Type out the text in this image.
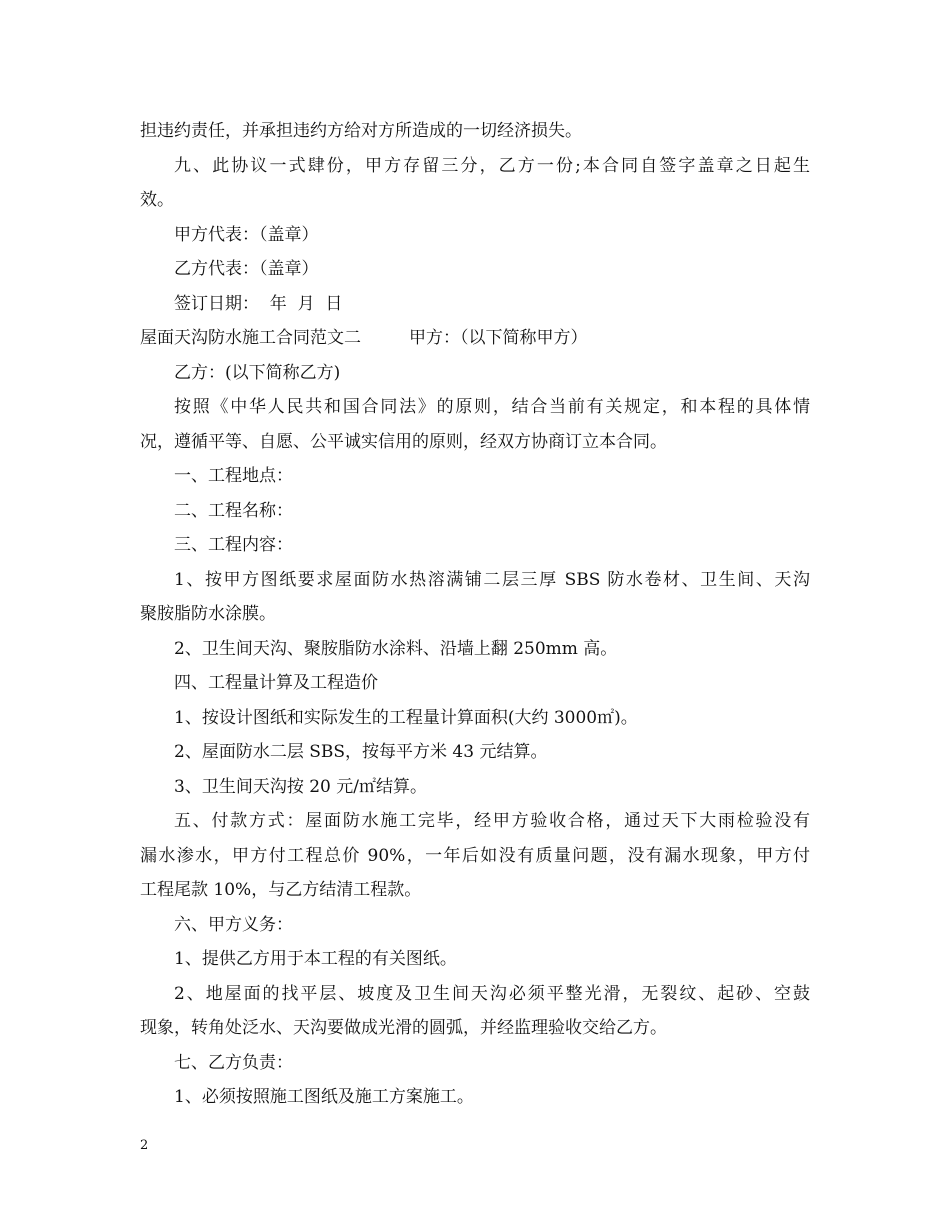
担违约责任，并承担违约方给对方所造成的一切经济损失。
九、此协议一式肆份，甲方存留三分，乙方一份;本合同自签字盖章之日起生
效。
甲方代表：（盖章）
乙方代表：（盖章）
签订日期：  年  月  日
屋面天沟防水施工合同范文二	甲方：（以下简称甲方）
乙方：(以下简称乙方)
按照《中华人民共和国合同法》的原则，结合当前有关规定，和本程的具体情
况，遵循平等、自愿、公平诚实信用的原则，经双方协商订立本合同。
一、工程地点：
二、工程名称：
三、工程内容：
1、按甲方图纸要求屋面防水热溶满铺二层三厚 SBS 防水卷材、卫生间、天沟
聚胺脂防水涂膜。
2、卫生间天沟、聚胺脂防水涂料、沿墙上翻 250mm 高。
四、工程量计算及工程造价
1、按设计图纸和实际发生的工程量计算面积(大约 3000㎡)。
2、屋面防水二层 SBS，按每平方米 43 元结算。
3、卫生间天沟按 20 元/㎡结算。
五、付款方式：屋面防水施工完毕，经甲方验收合格，通过天下大雨检验没有
漏水渗水，甲方付工程总价 90%，一年后如没有质量问题，没有漏水现象，甲方付
工程尾款 10%，与乙方结清工程款。
六、甲方义务：
1、提供乙方用于本工程的有关图纸。
2、地屋面的找平层、坡度及卫生间天沟必须平整光滑，无裂纹、起砂、空鼓
现象，转角处泛水、天沟要做成光滑的圆弧，并经监理验收交给乙方。
七、乙方负责：
1、必须按照施工图纸及施工方案施工。
2
